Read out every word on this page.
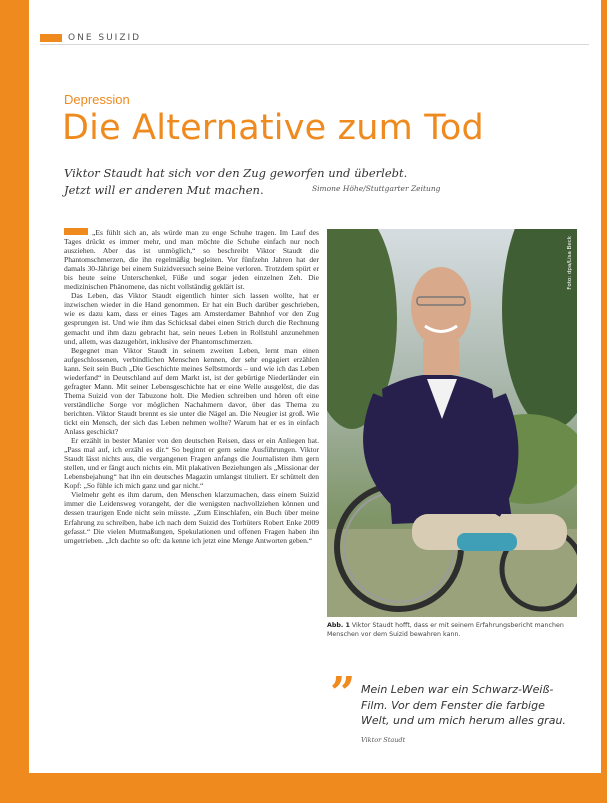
ONE SUIZID
Depression
Die Alternative zum Tod
Viktor Staudt hat sich vor den Zug geworfen und überlebt.
Jetzt will er anderen Mut machen.	Simone Höhe/Stuttgarter Zeitung

„Es fühlt sich an, als würde man zu enge Schuhe tragen. Im Lauf des Tages drückt es immer mehr, und man möchte die Schuhe einfach nur noch ausziehen. Aber das ist unmöglich,“ so beschreibt Viktor Staudt die Phantomschmerzen, die ihn regelmäßig begleiten. Vor fünfzehn Jahren hat der damals 30-Jährige bei einem Suizidversuch seine Beine verloren. Trotzdem spürt er bis heute seine Unterschenkel, Füße und sogar jeden einzelnen Zeh. Die medizinischen Phänomene, das nicht vollständig geklärt ist.

Das Leben, das Viktor Staudt eigentlich hinter sich lassen wollte, hat er inzwischen wieder in die Hand genommen. Er hat ein Buch darüber geschrieben, wie es dazu kam, dass er eines Tages am Amsterdamer Bahnhof vor den Zug gesprungen ist. Und wie ihm das Schicksal dabei einen Strich durch die Rechnung gemacht und ihm dazu gebracht hat, sein neues Leben in Rollstuhl anzunehmen und, allem, was dazugehört, inklusive der Phantomschmerzen.

Begegnet man Viktor Staudt in seinem zweiten Leben, lernt man einen aufgeschlossenen, verbindlichen Menschen kennen, der sehr engagiert erzählen kann. Seit sein Buch „Die Geschichte meines Selbstmords – und wie ich das Leben wiederfand“ in Deutschland auf dem Markt ist, ist der gebürtige Niederländer ein gefragter Mann. Mit seiner Lebensgeschichte hat er eine Welle ausgelöst, die das Thema Suizid von der Tabuzone holt. Die Medien schreiben und hören oft eine verständliche Sorge vor möglichen Nachahmern davor, über das Thema zu berichten. Viktor Staudt brennt es sie unter die Nägel an. Die Neugier ist groß. Wie tickt ein Mensch, der sich das Leben nehmen wollte? Warum hat er es in einfach Anlass geschickt?

Er erzählt in bester Manier von den deutschen Reisen, dass er ein Anliegen hat. „Pass mal auf, ich erzähl es dir.“ So beginnt er gern seine Ausführungen. Viktor Staudt lässt nichts aus, die vergangenen Fragen anfangs die Journalisten ihm gern stellen, und er fängt auch nichts ein. Mit plakativen Beziehungen als „Missionar der Lebensbejahung“ hat ihn ein deutsches Magazin umlangst tituliert. Er schüttelt den Kopf: „So fühle ich mich ganz und gar nicht.“

Vielmehr geht es ihm darum, den Menschen klarzumachen, dass einem Suizid immer die Leidensweg vorangeht, der die wenigsten nachvollziehen können und dessen traurigen Ende nicht sein müsste. „Zum Einschlafen, ein Buch über meine Erfahrung zu schreiben, habe ich nach dem Suizid des Torhüters Robert Enke 2009 gefasst.“ Die vielen Mutmaßungen, Spekulationen und offenen Fragen haben ihn umgetrieben. „Ich dachte so oft: da kenne ich jetzt eine Menge Antworten geben.“

Foto: dpa/Lisa Beck
Abb. 1 Viktor Staudt hofft, dass er mit seinem Erfahrungsbericht manchen Menschen vor dem Suizid bewahren kann.
” Mein Leben war ein Schwarz-Weiß-Film. Vor dem Fenster die farbige Welt, und um mich herum alles grau.
Viktor Staudt
